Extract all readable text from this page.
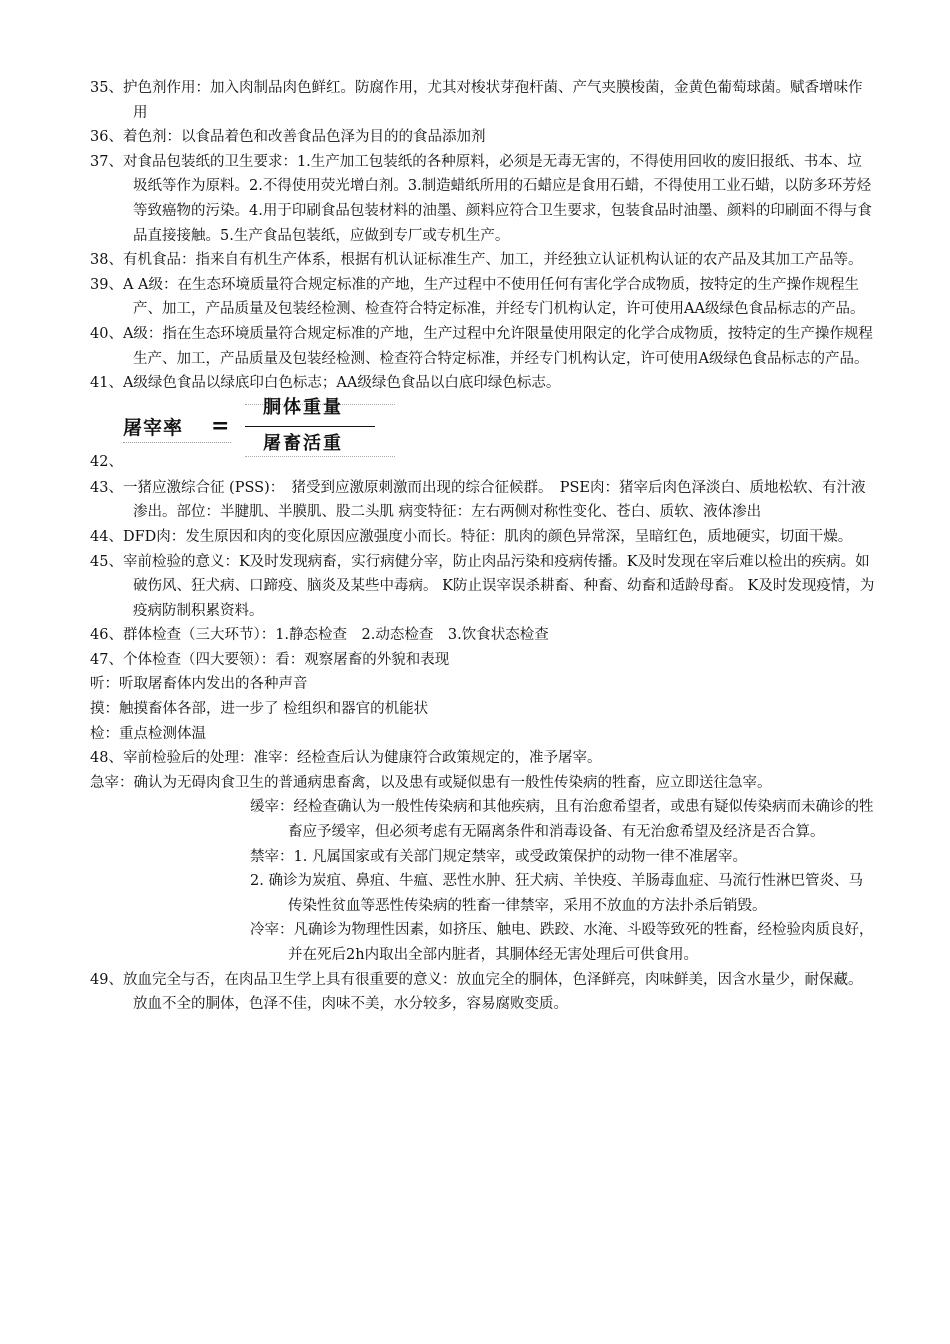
35、护色剂作用：加入肉制品肉色鲜红。防腐作用，尤其对梭状芽孢杆菌、产气夹膜梭菌，金黄色葡萄球菌。赋香增味作用

36、着色剂：以食品着色和改善食品色泽为目的的食品添加剂

37、对食品包装纸的卫生要求：1.生产加工包装纸的各种原料，必须是无毒无害的，不得使用回收的废旧报纸、书本、垃圾纸等作为原料。2.不得使用荧光增白剂。3.制造蜡纸所用的石蜡应是食用石蜡，不得使用工业石蜡，以防多环芳烃等致癌物的污染。4.用于印刷食品包装材料的油墨、颜料应符合卫生要求，包装食品时油墨、颜料的印刷面不得与食品直接接触。5.生产食品包装纸，应做到专厂或专机生产。

38、有机食品：指来自有机生产体系，根据有机认证标准生产、加工，并经独立认证机构认证的农产品及其加工产品等。

39、A A级：在生态环境质量符合规定标准的产地，生产过程中不使用任何有害化学合成物质，按特定的生产操作规程生产、加工，产品质量及包装经检测、检查符合特定标准，并经专门机构认定，许可使用AA级绿色食品标志的产品。

40、A级：指在生态环境质量符合规定标准的产地，生产过程中允许限量使用限定的化学合成物质，按特定的生产操作规程生产、加工，产品质量及包装经检测、检查符合特定标准，并经专门机构认定，许可使用A级绿色食品标志的产品。

41、A级绿色食品以绿底印白色标志；AA级绿色食品以白底印绿色标志。

42、
屠宰率 =
胴体重量
屠畜活重

43、一猪应激综合征 (PSS)：　猪受到应激原刺激而出现的综合征候群。　PSE肉：猪宰后肉色泽淡白、质地松软、有汁液渗出。部位：半腱肌、半膜肌、股二头肌 病变特征：左右两侧对称性变化、苍白、质软、液体渗出

44、DFD肉：发生原因和肉的变化原因应激强度小而长。特征：肌肉的颜色异常深，呈暗红色，质地硬实，切面干燥。

45、宰前检验的意义：K及时发现病畜，实行病健分宰，防止肉品污染和疫病传播。K及时发现在宰后难以检出的疾病。如破伤风、狂犬病、口蹄疫、脑炎及某些中毒病。 K防止误宰误杀耕畜、种畜、幼畜和适龄母畜。 K及时发现疫情，为疫病防制积累资料。

46、群体检查（三大环节）：1.静态检查　2.动态检查　3.饮食状态检查

47、个体检查（四大要领）：看：观察屠畜的外貌和表现

听：听取屠畜体内发出的各种声音

摸：触摸畜体各部，进一步了 检组织和器官的机能状

检：重点检测体温

48、宰前检验后的处理：准宰：经检查后认为健康符合政策规定的，准予屠宰。

急宰：确认为无碍肉食卫生的普通病患畜禽，以及患有或疑似患有一般性传染病的牲畜，应立即送往急宰。

缓宰：经检查确认为一般性传染病和其他疾病，且有治愈希望者，或患有疑似传染病而未确诊的牲畜应予缓宰，但必须考虑有无隔离条件和消毒设备、有无治愈希望及经济是否合算。

禁宰：1. 凡属国家或有关部门规定禁宰，或受政策保护的动物一律不准屠宰。

2. 确诊为炭疽、鼻疽、牛瘟、恶性水肿、狂犬病、羊快疫、羊肠毒血症、马流行性淋巴管炎、马传染性贫血等恶性传染病的牲畜一律禁宰，采用不放血的方法扑杀后销毁。

冷宰：凡确诊为物理性因素，如挤压、触电、跌跤、水淹、斗殴等致死的牲畜，经检验肉质良好，并在死后2h内取出全部内脏者，其胴体经无害处理后可供食用。

49、放血完全与否，在肉品卫生学上具有很重要的意义：放血完全的胴体，色泽鲜亮，肉味鲜美，因含水量少，耐保藏。 放血不全的胴体，色泽不佳，肉味不美，水分较多，容易腐败变质。
